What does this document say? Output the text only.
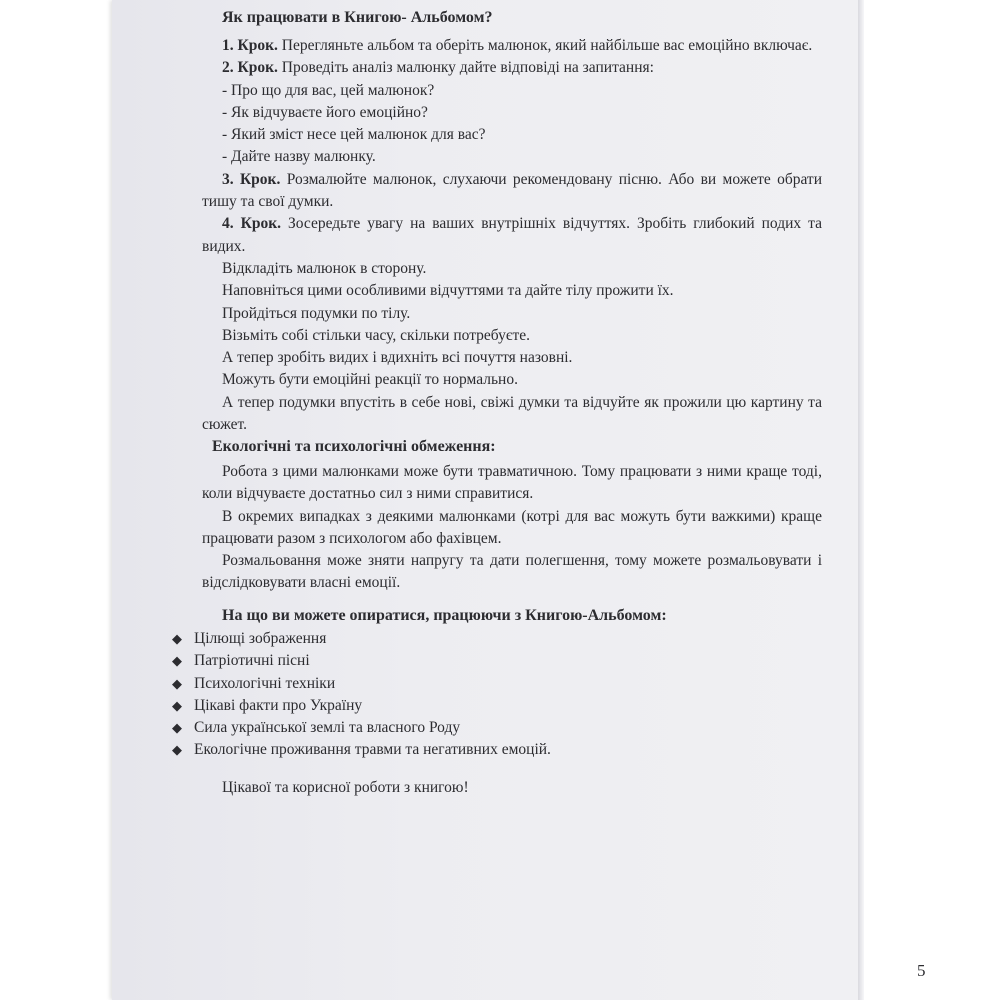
Як працювати в Книгою- Альбомом?

1. Крок. Перегляньте альбом та оберіть малюнок, який найбільше вас емоційно включає.

2. Крок. Проведіть аналіз малюнку дайте відповіді на запитання:

- Про що для вас, цей малюнок?

- Як відчуваєте його емоційно?

- Який зміст несе цей малюнок для вас?

- Дайте назву малюнку.

3. Крок. Розмалюйте малюнок, слухаючи рекомендовану пісню. Або ви можете обрати тишу та свої думки.

4. Крок. Зосередьте увагу на ваших внутрішніх відчуттях. Зробіть глибокий подих та видих.

Відкладіть малюнок в сторону.

Наповніться цими особливими відчуттями та дайте тілу прожити їх.

Пройдіться подумки по тілу.

Візьміть собі стільки часу, скільки потребуєте.

А тепер зробіть видих і вдихніть всі почуття назовні.

Можуть бути емоційні реакції то нормально.

А тепер подумки впустіть в себе нові, свіжі думки та відчуйте як прожили цю картину та сюжет.

Екологічні та психологічні обмеження:

Робота з цими малюнками може бути травматичною. Тому працювати з ними краще тоді, коли відчуваєте достатньо сил з ними справитися.

В окремих випадках з деякими малюнками (котрі для вас можуть бути важкими) краще працювати разом з психологом або фахівцем.

Розмальовання може зняти напругу та дати полегшення, тому можете розмальовувати і відслідковувати власні емоції.

На що ви можете опиратися, працюючи з Книгою-Альбомом:
◆ Цілющі зображення
◆ Патріотичні пісні
◆ Психологічні техніки
◆ Цікаві факти про Україну
◆ Сила української землі та власного Роду
◆ Екологічне проживання травми та негативних емоцій.
Цікавої та корисної роботи з книгою!
5
